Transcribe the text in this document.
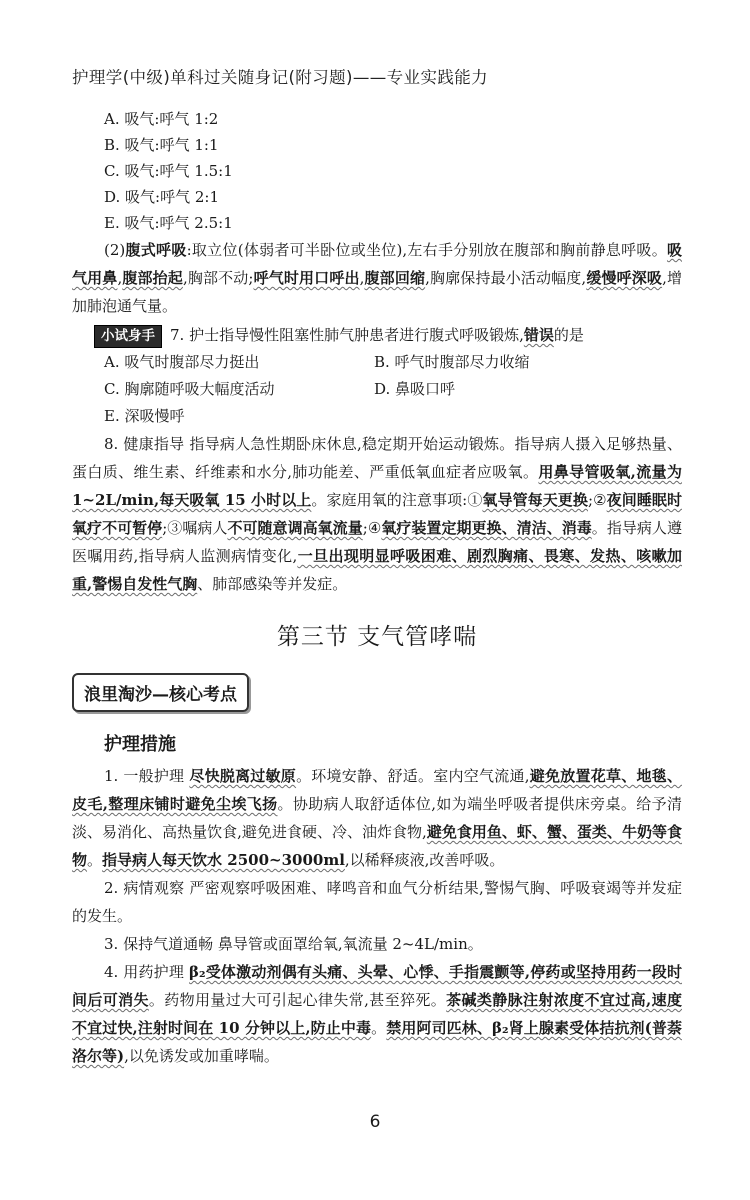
护理学(中级)单科过关随身记(附习题)——专业实践能力
A. 吸气:呼气 1:2
B. 吸气:呼气 1:1
C. 吸气:呼气 1.5:1
D. 吸气:呼气 2:1
E. 吸气:呼气 2.5:1

(2)腹式呼吸:取立位(体弱者可半卧位或坐位),左右手分别放在腹部和胸前静息呼吸。吸气用鼻,腹部抬起,胸部不动;呼气时用口呼出,腹部回缩,胸廓保持最小活动幅度,缓慢呼深吸,增加肺泡通气量。

小试身手 7. 护士指导慢性阻塞性肺气肿患者进行腹式呼吸锻炼,错误的是
A. 吸气时腹部尽力挺出	B. 呼气时腹部尽力收缩
C. 胸廓随呼吸大幅度活动	D. 鼻吸口呼
E. 深吸慢呼

8. 健康指导 指导病人急性期卧床休息,稳定期开始运动锻炼。指导病人摄入足够热量、蛋白质、维生素、纤维素和水分,肺功能差、严重低氧血症者应吸氧。用鼻导管吸氧,流量为 1~2L/min,每天吸氧 15 小时以上。家庭用氧的注意事项:①氧导管每天更换;②夜间睡眠时氧疗不可暂停;③嘱病人不可随意调高氧流量;④氧疗装置定期更换、清洁、消毒。指导病人遵医嘱用药,指导病人监测病情变化,一旦出现明显呼吸困难、剧烈胸痛、畏寒、发热、咳嗽加重,警惕自发性气胸、肺部感染等并发症。

第三节 支气管哮喘
浪里淘沙—核心考点
护理措施

1. 一般护理 尽快脱离过敏原。环境安静、舒适。室内空气流通,避免放置花草、地毯、皮毛,整理床铺时避免尘埃飞扬。协助病人取舒适体位,如为端坐呼吸者提供床旁桌。给予清淡、易消化、高热量饮食,避免进食硬、冷、油炸食物,避免食用鱼、虾、蟹、蛋类、牛奶等食物。指导病人每天饮水 2500~3000ml,以稀释痰液,改善呼吸。

2. 病情观察 严密观察呼吸困难、哮鸣音和血气分析结果,警惕气胸、呼吸衰竭等并发症的发生。

3. 保持气道通畅 鼻导管或面罩给氧,氧流量 2~4L/min。

4. 用药护理 β₂受体激动剂偶有头痛、头晕、心悸、手指震颤等,停药或坚持用药一段时间后可消失。药物用量过大可引起心律失常,甚至猝死。茶碱类静脉注射浓度不宜过高,速度不宜过快,注射时间在 10 分钟以上,防止中毒。禁用阿司匹林、β₂肾上腺素受体拮抗剂(普萘洛尔等),以免诱发或加重哮喘。

6
